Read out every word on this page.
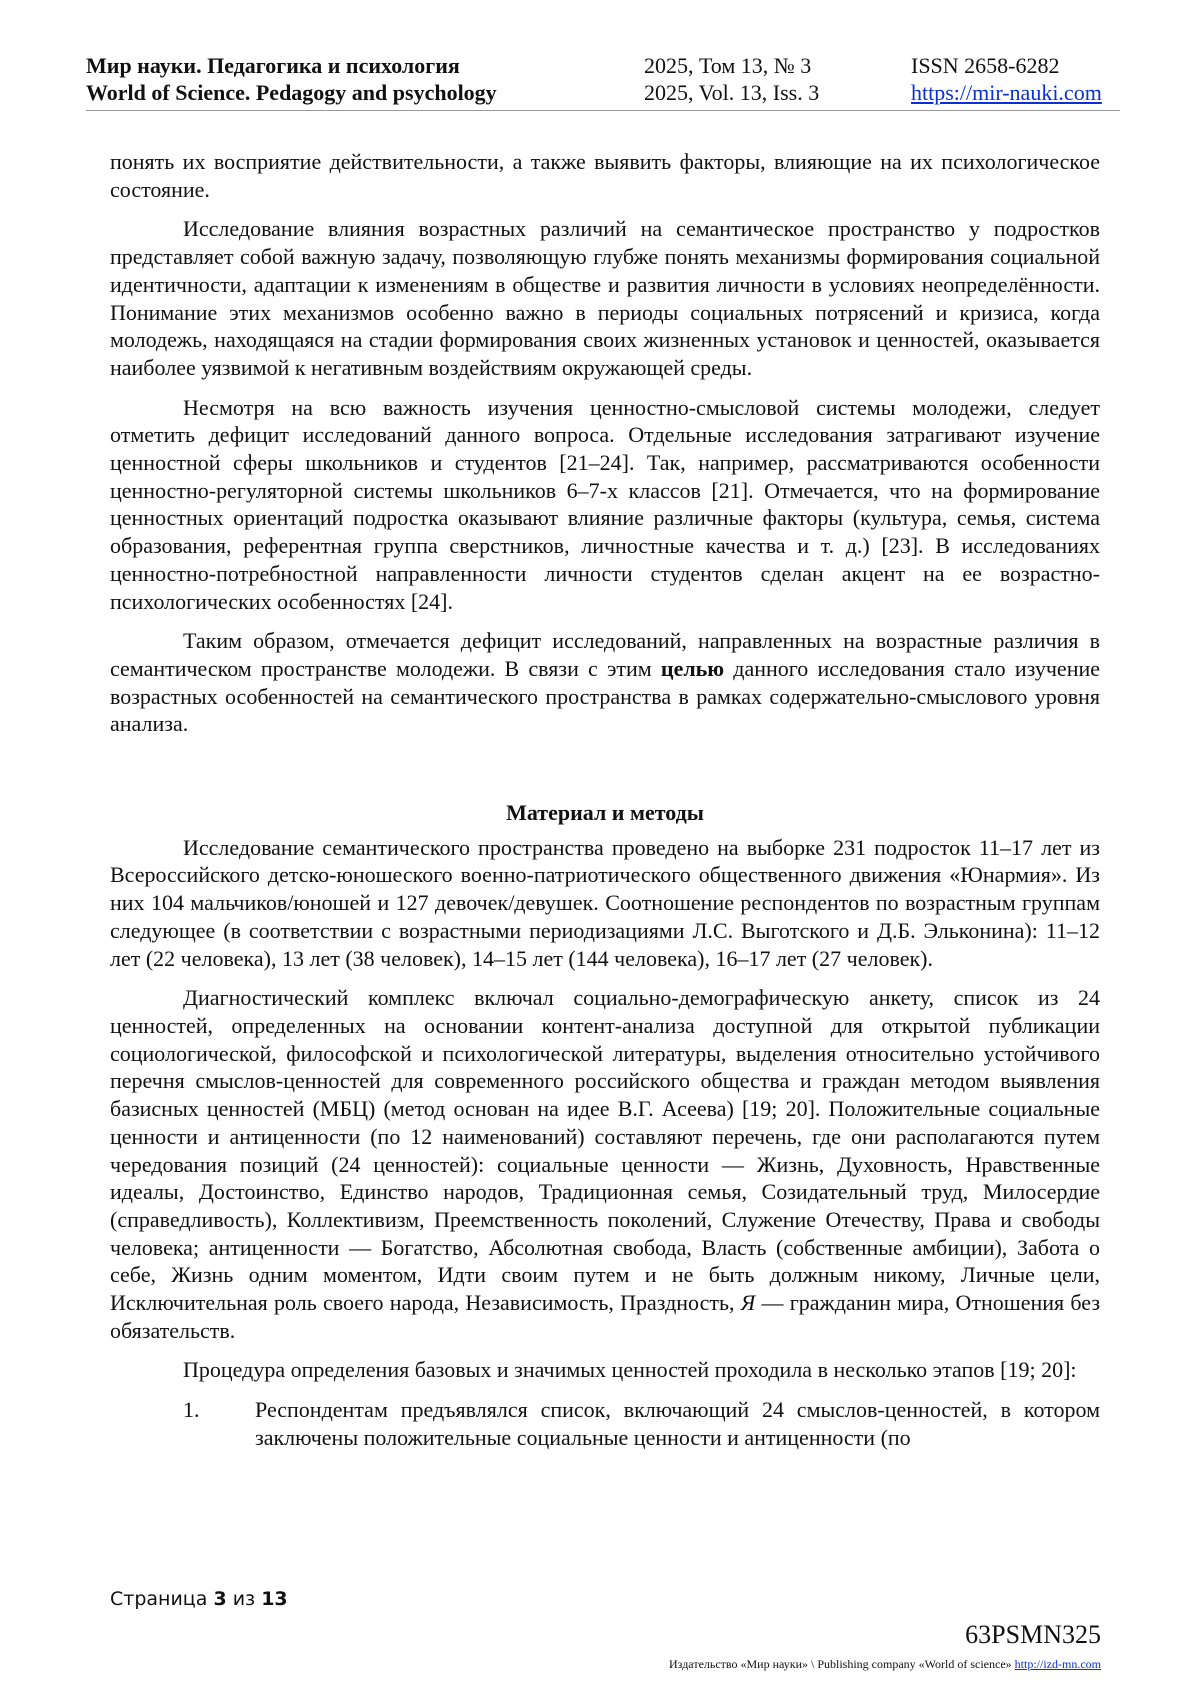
Мир науки. Педагогика и психология
World of Science. Pedagogy and psychology
2025, Том 13, № 3
2025, Vol. 13, Iss. 3
ISSN 2658-6282
https://mir-nauki.com

понять их восприятие действительности, а также выявить факторы, влияющие на их психологическое состояние.

Исследование влияния возрастных различий на семантическое пространство у подростков представляет собой важную задачу, позволяющую глубже понять механизмы формирования социальной идентичности, адаптации к изменениям в обществе и развития личности в условиях неопределённости. Понимание этих механизмов особенно важно в периоды социальных потрясений и кризиса, когда молодежь, находящаяся на стадии формирования своих жизненных установок и ценностей, оказывается наиболее уязвимой к негативным воздействиям окружающей среды.

Несмотря на всю важность изучения ценностно-смысловой системы молодежи, следует отметить дефицит исследований данного вопроса. Отдельные исследования затрагивают изучение ценностной сферы школьников и студентов [21–24]. Так, например, рассматриваются особенности ценностно-регуляторной системы школьников 6–7-х классов [21]. Отмечается, что на формирование ценностных ориентаций подростка оказывают влияние различные факторы (культура, семья, система образования, референтная группа сверстников, личностные качества и т. д.) [23]. В исследованиях ценностно-потребностной направленности личности студентов сделан акцент на ее возрастно-психологических особенностях [24].

Таким образом, отмечается дефицит исследований, направленных на возрастные различия в семантическом пространстве молодежи. В связи с этим целью данного исследования стало изучение возрастных особенностей на семантического пространства в рамках содержательно-смыслового уровня анализа.

Материал и методы

Исследование семантического пространства проведено на выборке 231 подросток 11–17 лет из Всероссийского детско-юношеского военно-патриотического общественного движения «Юнармия». Из них 104 мальчиков/юношей и 127 девочек/девушек. Соотношение респондентов по возрастным группам следующее (в соответствии с возрастными периодизациями Л.С. Выготского и Д.Б. Эльконина): 11–12 лет (22 человека), 13 лет (38 человек), 14–15 лет (144 человека), 16–17 лет (27 человек).

Диагностический комплекс включал социально-демографическую анкету, список из 24 ценностей, определенных на основании контент-анализа доступной для открытой публикации социологической, философской и психологической литературы, выделения относительно устойчивого перечня смыслов-ценностей для современного российского общества и граждан методом выявления базисных ценностей (МБЦ) (метод основан на идее В.Г. Асеева) [19; 20]. Положительные социальные ценности и антиценности (по 12 наименований) составляют перечень, где они располагаются путем чередования позиций (24 ценностей): социальные ценности — Жизнь, Духовность, Нравственные идеалы, Достоинство, Единство народов, Традиционная семья, Созидательный труд, Милосердие (справедливость), Коллективизм, Преемственность поколений, Служение Отечеству, Права и свободы человека; антиценности — Богатство, Абсолютная свобода, Власть (собственные амбиции), Забота о себе, Жизнь одним моментом, Идти своим путем и не быть должным никому, Личные цели, Исключительная роль своего народа, Независимость, Праздность, Я — гражданин мира, Отношения без обязательств.

Процедура определения базовых и значимых ценностей проходила в несколько этапов [19; 20]:

1.	Респондентам предъявлялся список, включающий 24 смыслов-ценностей, в котором заключены положительные социальные ценности и антиценности (по
Страница 3 из 13
63PSMN325
Издательство «Мир науки» \ Publishing company «World of science» http://izd-mn.com
